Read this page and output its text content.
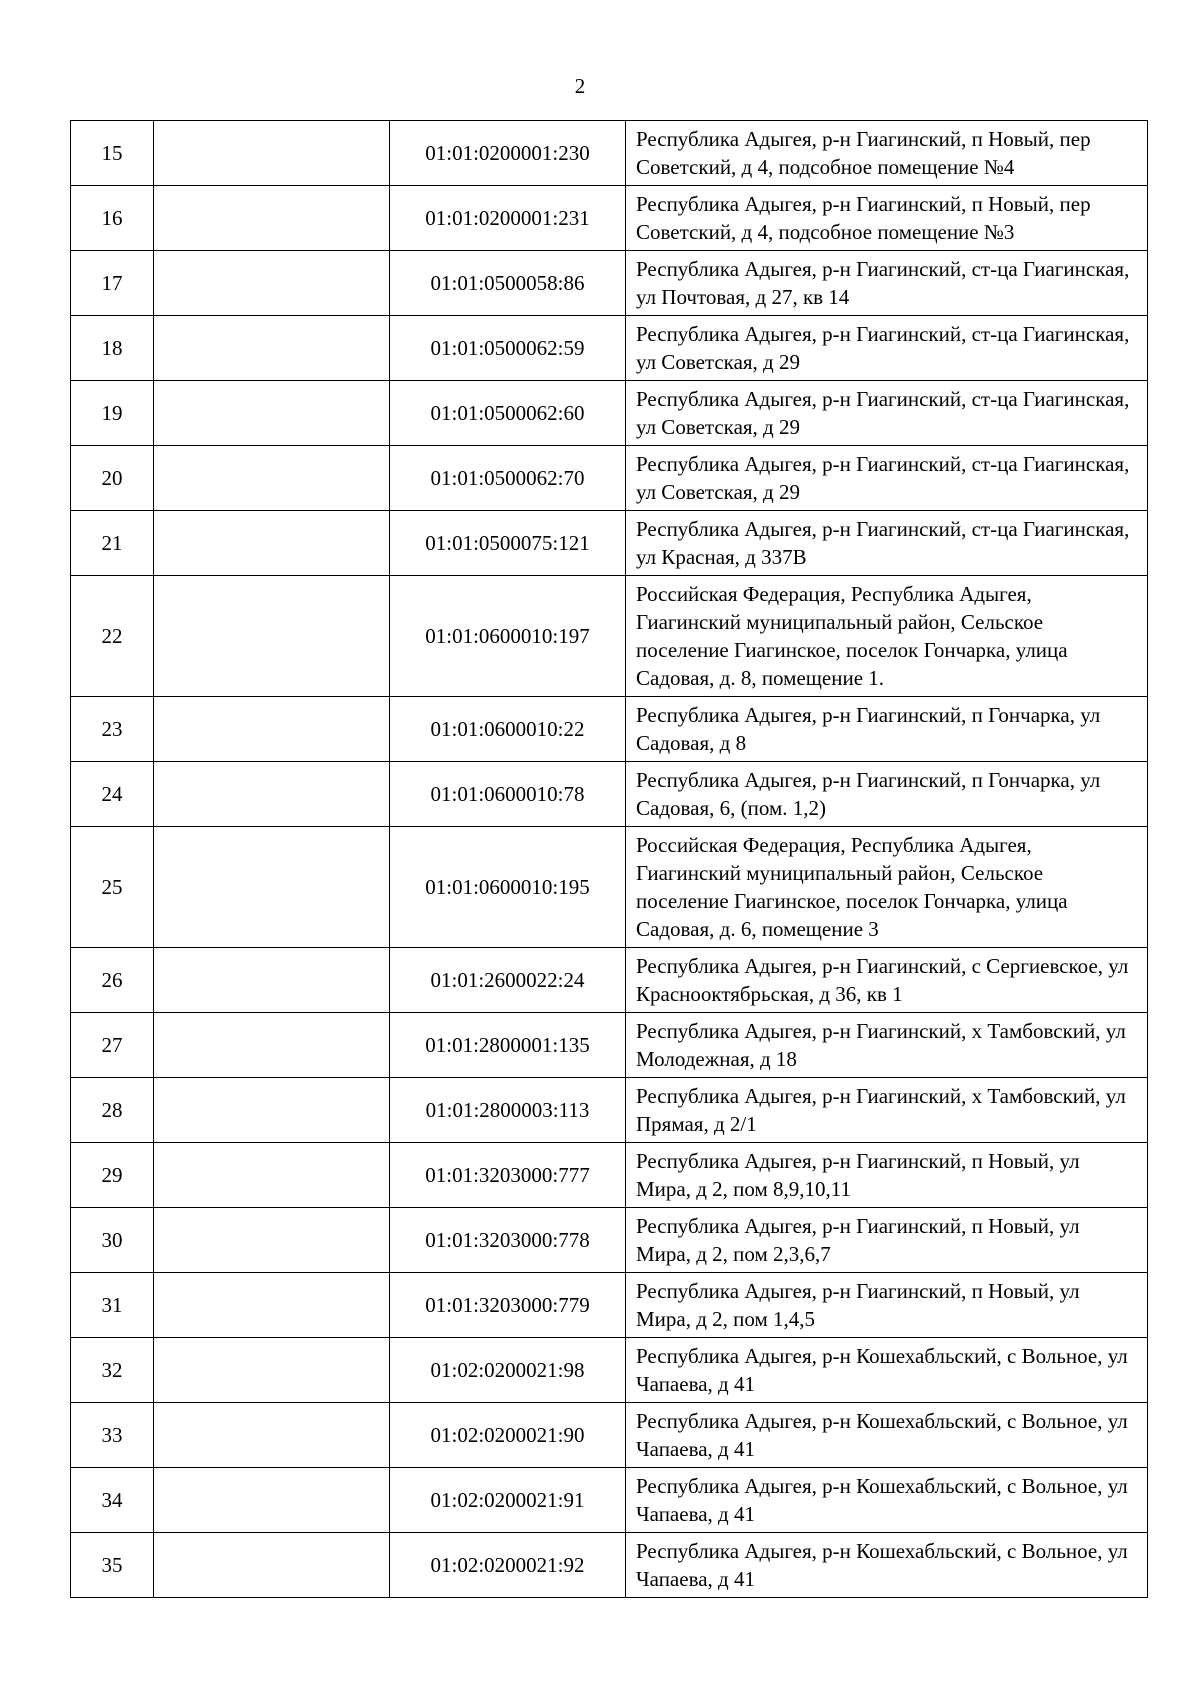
2
15		01:01:0200001:230	Республика Адыгея, р-н Гиагинский, п Новый, пер Советский, д 4, подсобное помещение №4
16		01:01:0200001:231	Республика Адыгея, р-н Гиагинский, п Новый, пер Советский, д 4, подсобное помещение №3
17		01:01:0500058:86	Республика Адыгея, р-н Гиагинский, ст-ца Гиагинская, ул Почтовая, д 27, кв 14
18		01:01:0500062:59	Республика Адыгея, р-н Гиагинский, ст-ца Гиагинская, ул Советская, д 29
19		01:01:0500062:60	Республика Адыгея, р-н Гиагинский, ст-ца Гиагинская, ул Советская, д 29
20		01:01:0500062:70	Республика Адыгея, р-н Гиагинский, ст-ца Гиагинская, ул Советская, д 29
21		01:01:0500075:121	Республика Адыгея, р-н Гиагинский, ст-ца Гиагинская, ул Красная, д 337В
22		01:01:0600010:197	Российская Федерация, Республика Адыгея, Гиагинский муниципальный район, Сельское поселение Гиагинское, поселок Гончарка, улица Садовая, д. 8, помещение 1.
23		01:01:0600010:22	Республика Адыгея, р-н Гиагинский, п Гончарка, ул Садовая, д 8
24		01:01:0600010:78	Республика Адыгея, р-н Гиагинский, п Гончарка, ул Садовая, 6, (пом. 1,2)
25		01:01:0600010:195	Российская Федерация, Республика Адыгея, Гиагинский муниципальный район, Сельское поселение Гиагинское, поселок Гончарка, улица Садовая, д. 6, помещение 3
26		01:01:2600022:24	Республика Адыгея, р-н Гиагинский, с Сергиевское, ул Краснооктябрьская, д 36, кв 1
27		01:01:2800001:135	Республика Адыгея, р-н Гиагинский, х Тамбовский, ул Молодежная, д 18
28		01:01:2800003:113	Республика Адыгея, р-н Гиагинский, х Тамбовский, ул Прямая, д 2/1
29		01:01:3203000:777	Республика Адыгея, р-н Гиагинский, п Новый, ул Мира, д 2, пом 8,9,10,11
30		01:01:3203000:778	Республика Адыгея, р-н Гиагинский, п Новый, ул Мира, д 2, пом 2,3,6,7
31		01:01:3203000:779	Республика Адыгея, р-н Гиагинский, п Новый, ул Мира, д 2, пом 1,4,5
32		01:02:0200021:98	Республика Адыгея, р-н Кошехабльский, с Вольное, ул Чапаева, д 41
33		01:02:0200021:90	Республика Адыгея, р-н Кошехабльский, с Вольное, ул Чапаева, д 41
34		01:02:0200021:91	Республика Адыгея, р-н Кошехабльский, с Вольное, ул Чапаева, д 41
35		01:02:0200021:92	Республика Адыгея, р-н Кошехабльский, с Вольное, ул Чапаева, д 41
